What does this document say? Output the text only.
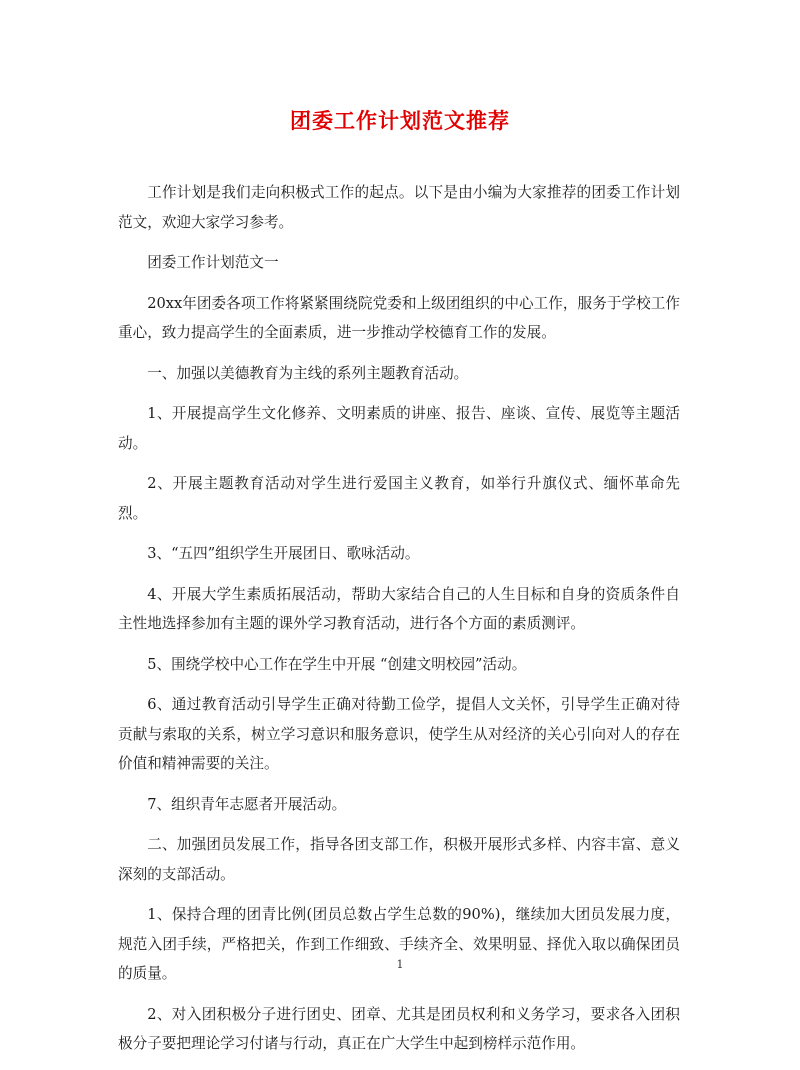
团委工作计划范文推荐

工作计划是我们走向积极式工作的起点。以下是由小编为大家推荐的团委工作计划范文，欢迎大家学习参考。

团委工作计划范文一

20xx年团委各项工作将紧紧围绕院党委和上级团组织的中心工作，服务于学校工作重心，致力提高学生的全面素质，进一步推动学校德育工作的发展。

一、加强以美德教育为主线的系列主题教育活动。

1、开展提高学生文化修养、文明素质的讲座、报告、座谈、宣传、展览等主题活动。

2、开展主题教育活动对学生进行爱国主义教育，如举行升旗仪式、缅怀革命先烈。

3、“五四”组织学生开展团日、歌咏活动。

4、开展大学生素质拓展活动，帮助大家结合自己的人生目标和自身的资质条件自主性地选择参加有主题的课外学习教育活动，进行各个方面的素质测评。

5、围绕学校中心工作在学生中开展 “创建文明校园”活动。

6、通过教育活动引导学生正确对待勤工俭学，提倡人文关怀，引导学生正确对待贡献与索取的关系，树立学习意识和服务意识，使学生从对经济的关心引向对人的存在价值和精神需要的关注。

7、组织青年志愿者开展活动。

二、加强团员发展工作，指导各团支部工作，积极开展形式多样、内容丰富、意义深刻的支部活动。

1、保持合理的团青比例(团员总数占学生总数的90%)，继续加大团员发展力度，规范入团手续，严格把关，作到工作细致、手续齐全、效果明显、择优入取以确保团员的质量。

2、对入团积极分子进行团史、团章、尤其是团员权利和义务学习，要求各入团积极分子要把理论学习付诸与行动，真正在广大学生中起到榜样示范作用。

1
